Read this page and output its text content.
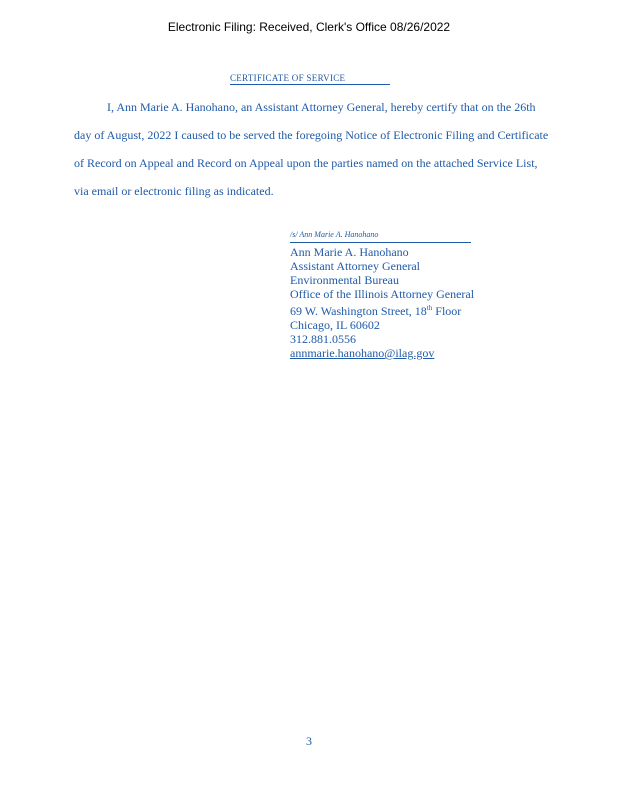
Electronic Filing: Received, Clerk's Office 08/26/2022
CERTIFICATE OF SERVICE
I, Ann Marie A. Hanohano, an Assistant Attorney General, hereby certify that on the 26th
day of August, 2022 I caused to be served the foregoing Notice of Electronic Filing and Certificate
of Record on Appeal and Record on Appeal upon the parties named on the attached Service List,
via email or electronic filing as indicated.
/s/ Ann Marie A. Hanohano
Ann Marie A. Hanohano
Assistant Attorney General
Environmental Bureau
Office of the Illinois Attorney General
69 W. Washington Street, 18th Floor
Chicago, IL 60602
312.881.0556
annmarie.hanohano@ilag.gov
3
